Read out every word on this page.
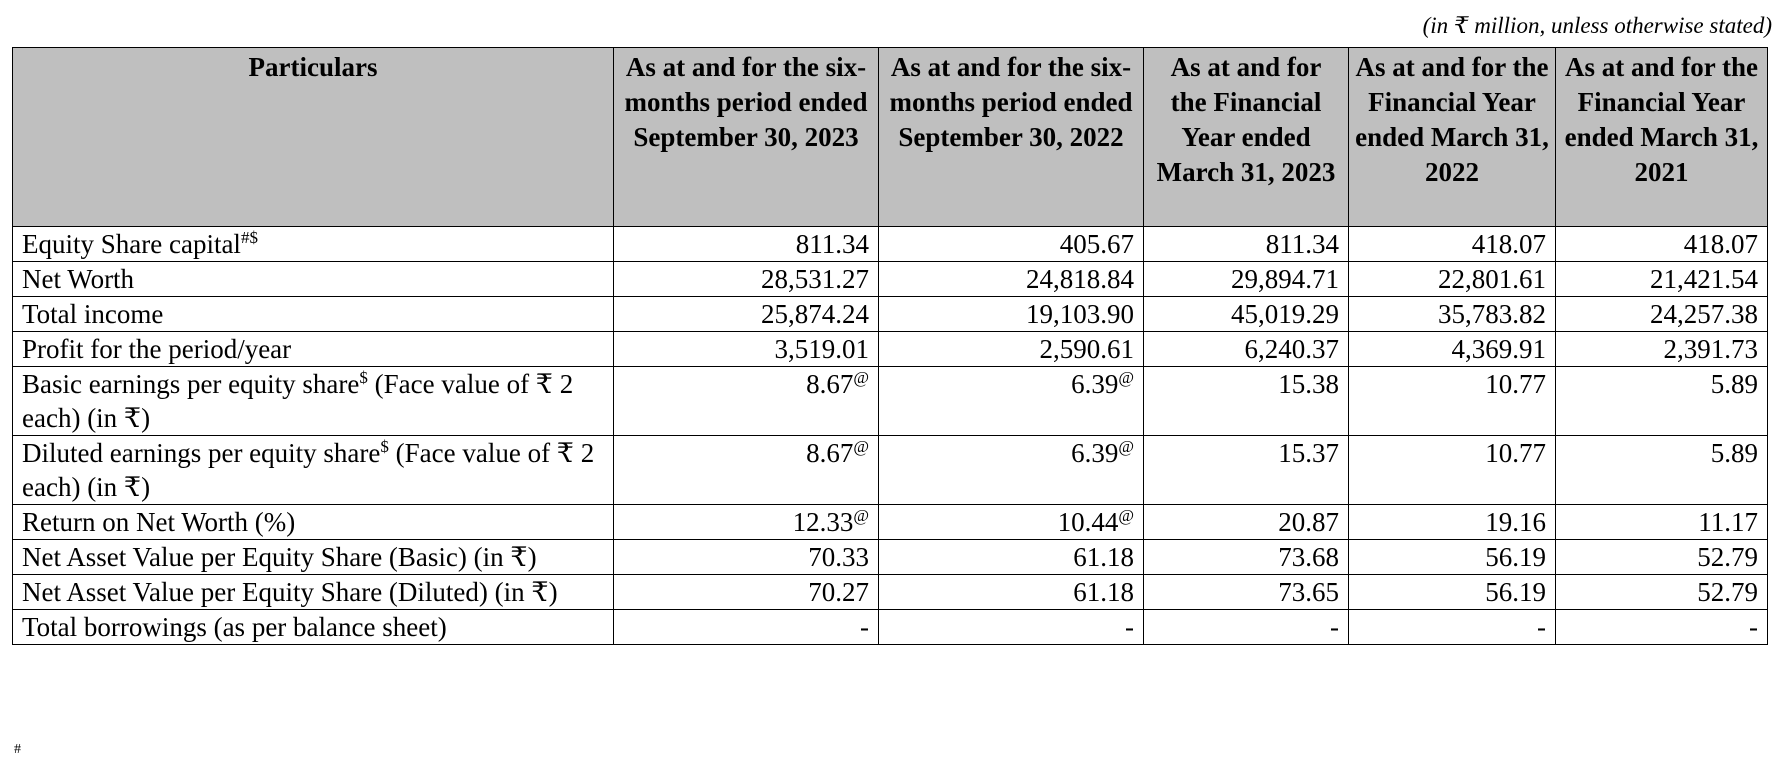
(in ₹ million, unless otherwise stated)
Particulars	As at and for the six-months period ended September 30, 2023	As at and for the six-months period ended September 30, 2022	As at and for the Financial Year ended March 31, 2023	As at and for the Financial Year ended March 31, 2022	As at and for the Financial Year ended March 31, 2021
Equity Share capital#$	811.34	405.67	811.34	418.07	418.07
Net Worth	28,531.27	24,818.84	29,894.71	22,801.61	21,421.54
Total income	25,874.24	19,103.90	45,019.29	35,783.82	24,257.38
Profit for the period/year	3,519.01	2,590.61	6,240.37	4,369.91	2,391.73
Basic earnings per equity share$ (Face value of ₹ 2 each) (in ₹)	8.67@	6.39@	15.38	10.77	5.89
Diluted earnings per equity share$ (Face value of ₹ 2 each) (in ₹)	8.67@	6.39@	15.37	10.77	5.89
Return on Net Worth (%)	12.33@	10.44@	20.87	19.16	11.17
Net Asset Value per Equity Share (Basic) (in ₹)	70.33	61.18	73.68	56.19	52.79
Net Asset Value per Equity Share (Diluted) (in ₹)	70.27	61.18	73.65	56.19	52.79
Total borrowings (as per balance sheet)	-	-	-	-	-
#
